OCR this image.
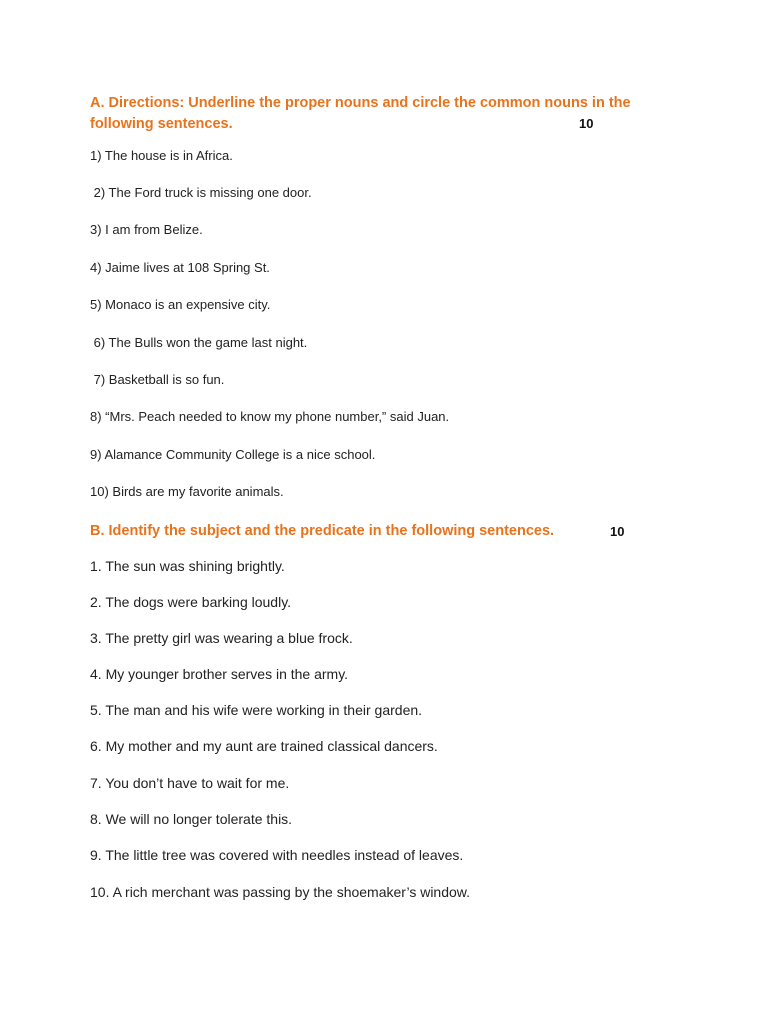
A. Directions: Underline the proper nouns and circle the common nouns in the
following sentences.	10
1) The house is in Africa.
2) The Ford truck is missing one door.
3) I am from Belize.
4) Jaime lives at 108 Spring St.
5) Monaco is an expensive city.
6) The Bulls won the game last night.
7) Basketball is so fun.
8) “Mrs. Peach needed to know my phone number,” said Juan.
9) Alamance Community College is a nice school.
10) Birds are my favorite animals.
B. Identify the subject and the predicate in the following sentences.	10
1. The sun was shining brightly.
2. The dogs were barking loudly.
3. The pretty girl was wearing a blue frock.
4. My younger brother serves in the army.
5. The man and his wife were working in their garden.
6. My mother and my aunt are trained classical dancers.
7. You don’t have to wait for me.
8. We will no longer tolerate this.
9. The little tree was covered with needles instead of leaves.
10. A rich merchant was passing by the shoemaker’s window.
